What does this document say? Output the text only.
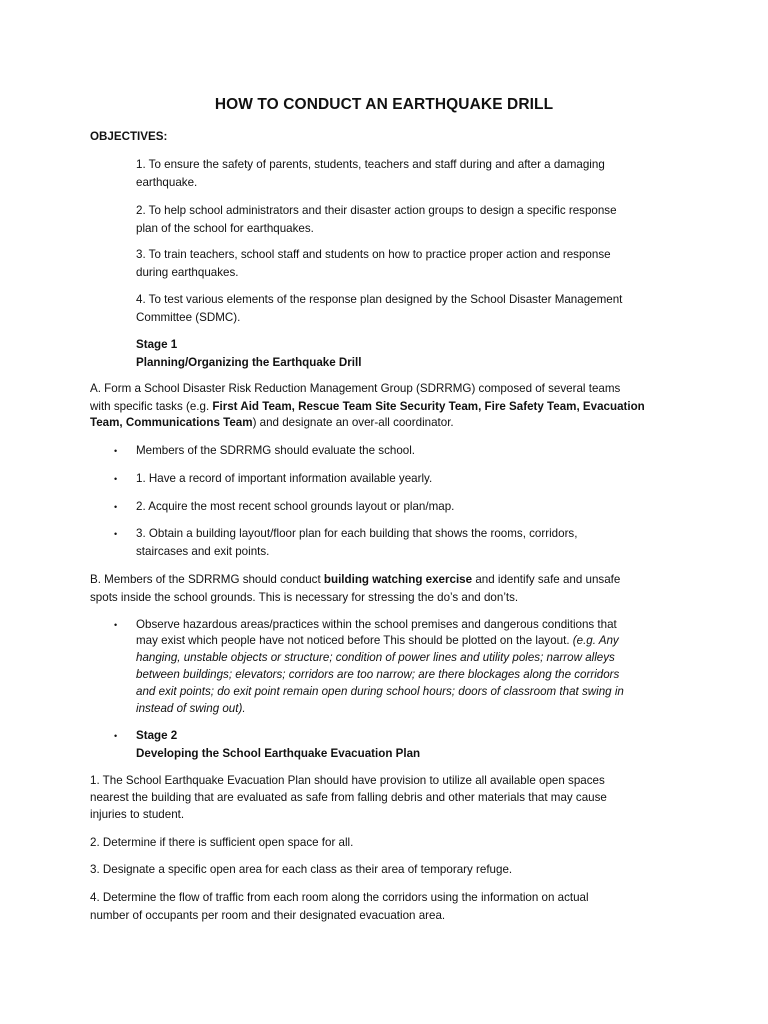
HOW TO CONDUCT AN EARTHQUAKE DRILL

OBJECTIVES:

1. To ensure the safety of parents, students, teachers and staff during and after a damaging

earthquake.

2. To help school administrators and their disaster action groups to design a specific response

plan of the school for earthquakes.

3. To train teachers, school staff and students on how to practice proper action and response

during earthquakes.

4. To test various elements of the response plan designed by the School Disaster Management

Committee (SDMC).

Stage 1

Planning/Organizing the Earthquake Drill

A. Form a School Disaster Risk Reduction Management Group (SDRRMG) composed of several teams

with specific tasks (e.g. First Aid Team, Rescue Team Site Security Team, Fire Safety Team, Evacuation

Team, Communications Team) and designate an over-all coordinator.

• Members of the SDRRMG should evaluate the school.

• 1. Have a record of important information available yearly.

• 2. Acquire the most recent school grounds layout or plan/map.

• 3. Obtain a building layout/floor plan for each building that shows the rooms, corridors,

staircases and exit points.

B. Members of the SDRRMG should conduct building watching exercise and identify safe and unsafe

spots inside the school grounds. This is necessary for stressing the do’s and don’ts.

• Observe hazardous areas/practices within the school premises and dangerous conditions that

may exist which people have not noticed before This should be plotted on the layout. (e.g. Any

hanging, unstable objects or structure; condition of power lines and utility poles; narrow alleys

between buildings; elevators; corridors are too narrow; are there blockages along the corridors

and exit points; do exit point remain open during school hours; doors of classroom that swing in

instead of swing out).

• Stage 2

Developing the School Earthquake Evacuation Plan

1. The School Earthquake Evacuation Plan should have provision to utilize all available open spaces

nearest the building that are evaluated as safe from falling debris and other materials that may cause

injuries to student.

2. Determine if there is sufficient open space for all.

3. Designate a specific open area for each class as their area of temporary refuge.

4. Determine the flow of traffic from each room along the corridors using the information on actual

number of occupants per room and their designated evacuation area.
